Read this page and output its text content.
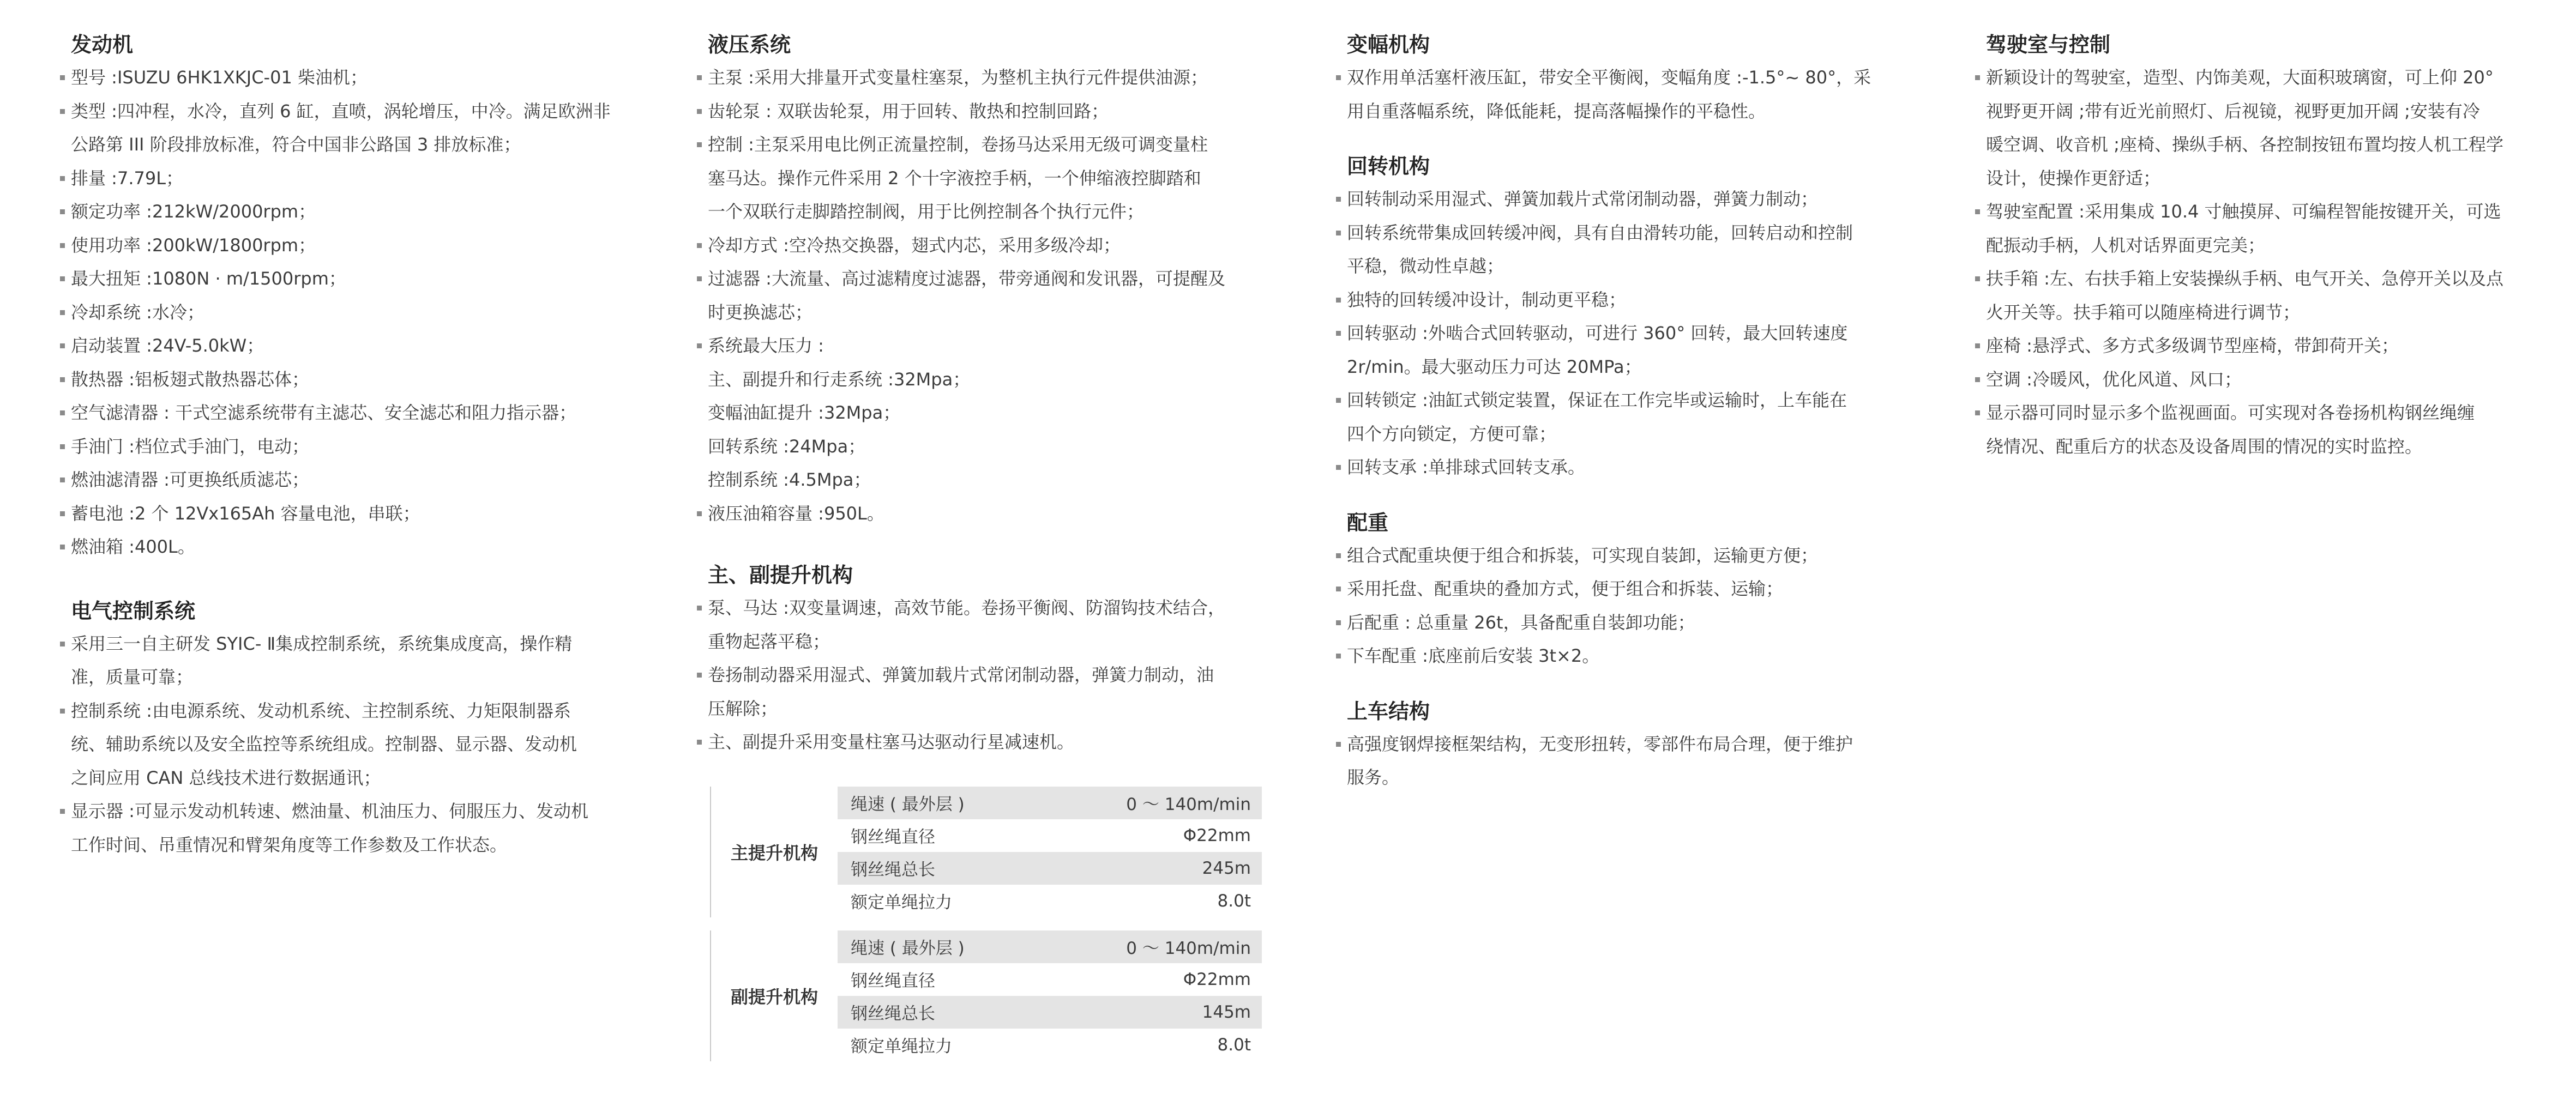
发动机
型号 :ISUZU 6HK1XKJC-01 柴油机；
类型 :四冲程，水冷，直列 6 缸，直喷，涡轮增压，中冷。满足欧洲非
公路第 III 阶段排放标准，符合中国非公路国 3 排放标准；
排量 :7.79L；
额定功率 :212kW/2000rpm；
使用功率 :200kW/1800rpm；
最大扭矩 :1080N · m/1500rpm；
冷却系统 :水冷；
启动装置 :24V-5.0kW；
散热器 :铝板翅式散热器芯体；
空气滤清器 : 干式空滤系统带有主滤芯、安全滤芯和阻力指示器；
手油门 :档位式手油门，电动；
燃油滤清器 :可更换纸质滤芯；
蓄电池 :2 个 12Vx165Ah 容量电池，串联；
燃油箱 :400L。
电气控制系统
采用三一自主研发 SYIC- Ⅱ集成控制系统，系统集成度高，操作精
准，质量可靠；
控制系统 :由电源系统、发动机系统、主控制系统、力矩限制器系
统、辅助系统以及安全监控等系统组成。控制器、显示器、发动机
之间应用 CAN 总线技术进行数据通讯；
显示器 :可显示发动机转速、燃油量、机油压力、伺服压力、发动机
工作时间、吊重情况和臂架角度等工作参数及工作状态。
液压系统
主泵 :采用大排量开式变量柱塞泵，为整机主执行元件提供油源；
齿轮泵 : 双联齿轮泵，用于回转、散热和控制回路；
控制 :主泵采用电比例正流量控制，卷扬马达采用无级可调变量柱
塞马达。操作元件采用 2 个十字液控手柄，一个伸缩液控脚踏和
一个双联行走脚踏控制阀，用于比例控制各个执行元件；
冷却方式 :空冷热交换器，翅式内芯，采用多级冷却；
过滤器 :大流量、高过滤精度过滤器，带旁通阀和发讯器，可提醒及
时更换滤芯；
系统最大压力 :
主、副提升和行走系统 :32Mpa；
变幅油缸提升 :32Mpa；
回转系统 :24Mpa；
控制系统 :4.5Mpa；
液压油箱容量 :950L。
主、副提升机构
泵、马达 :双变量调速，高效节能。卷扬平衡阀、防溜钩技术结合，
重物起落平稳；
卷扬制动器采用湿式、弹簧加载片式常闭制动器，弹簧力制动，油
压解除；
主、副提升采用变量柱塞马达驱动行星减速机。
主提升机构
绳速 ( 最外层 )	0 ～ 140m/min
钢丝绳直径	Φ22mm
钢丝绳总长	245m
额定单绳拉力	8.0t
副提升机构
绳速 ( 最外层 )	0 ～ 140m/min
钢丝绳直径	Φ22mm
钢丝绳总长	145m
额定单绳拉力	8.0t
变幅机构
双作用单活塞杆液压缸，带安全平衡阀，变幅角度 :-1.5°~ 80°，采
用自重落幅系统，降低能耗，提高落幅操作的平稳性。
回转机构
回转制动采用湿式、弹簧加载片式常闭制动器，弹簧力制动；
回转系统带集成回转缓冲阀，具有自由滑转功能，回转启动和控制
平稳，微动性卓越；
独特的回转缓冲设计，制动更平稳；
回转驱动 :外啮合式回转驱动，可进行 360° 回转，最大回转速度
2r/min。最大驱动压力可达 20MPa；
回转锁定 :油缸式锁定装置，保证在工作完毕或运输时，上车能在
四个方向锁定，方便可靠；
回转支承 :单排球式回转支承。
配重
组合式配重块便于组合和拆装，可实现自装卸，运输更方便；
采用托盘、配重块的叠加方式，便于组合和拆装、运输；
后配重 : 总重量 26t，具备配重自装卸功能；
下车配重 :底座前后安装 3t×2。
上车结构
高强度钢焊接框架结构，无变形扭转，零部件布局合理，便于维护
服务。
驾驶室与控制
新颖设计的驾驶室，造型、内饰美观，大面积玻璃窗，可上仰 20°
视野更开阔 ;带有近光前照灯、后视镜，视野更加开阔 ;安装有冷
暖空调、收音机 ;座椅、操纵手柄、各控制按钮布置均按人机工程学
设计，使操作更舒适；
驾驶室配置 :采用集成 10.4 寸触摸屏、可编程智能按键开关，可选
配振动手柄，人机对话界面更完美；
扶手箱 :左、右扶手箱上安装操纵手柄、电气开关、急停开关以及点
火开关等。扶手箱可以随座椅进行调节；
座椅 :悬浮式、多方式多级调节型座椅，带卸荷开关；
空调 :冷暖风，优化风道、风口；
显示器可同时显示多个监视画面。可实现对各卷扬机构钢丝绳缠
绕情况、配重后方的状态及设备周围的情况的实时监控。
